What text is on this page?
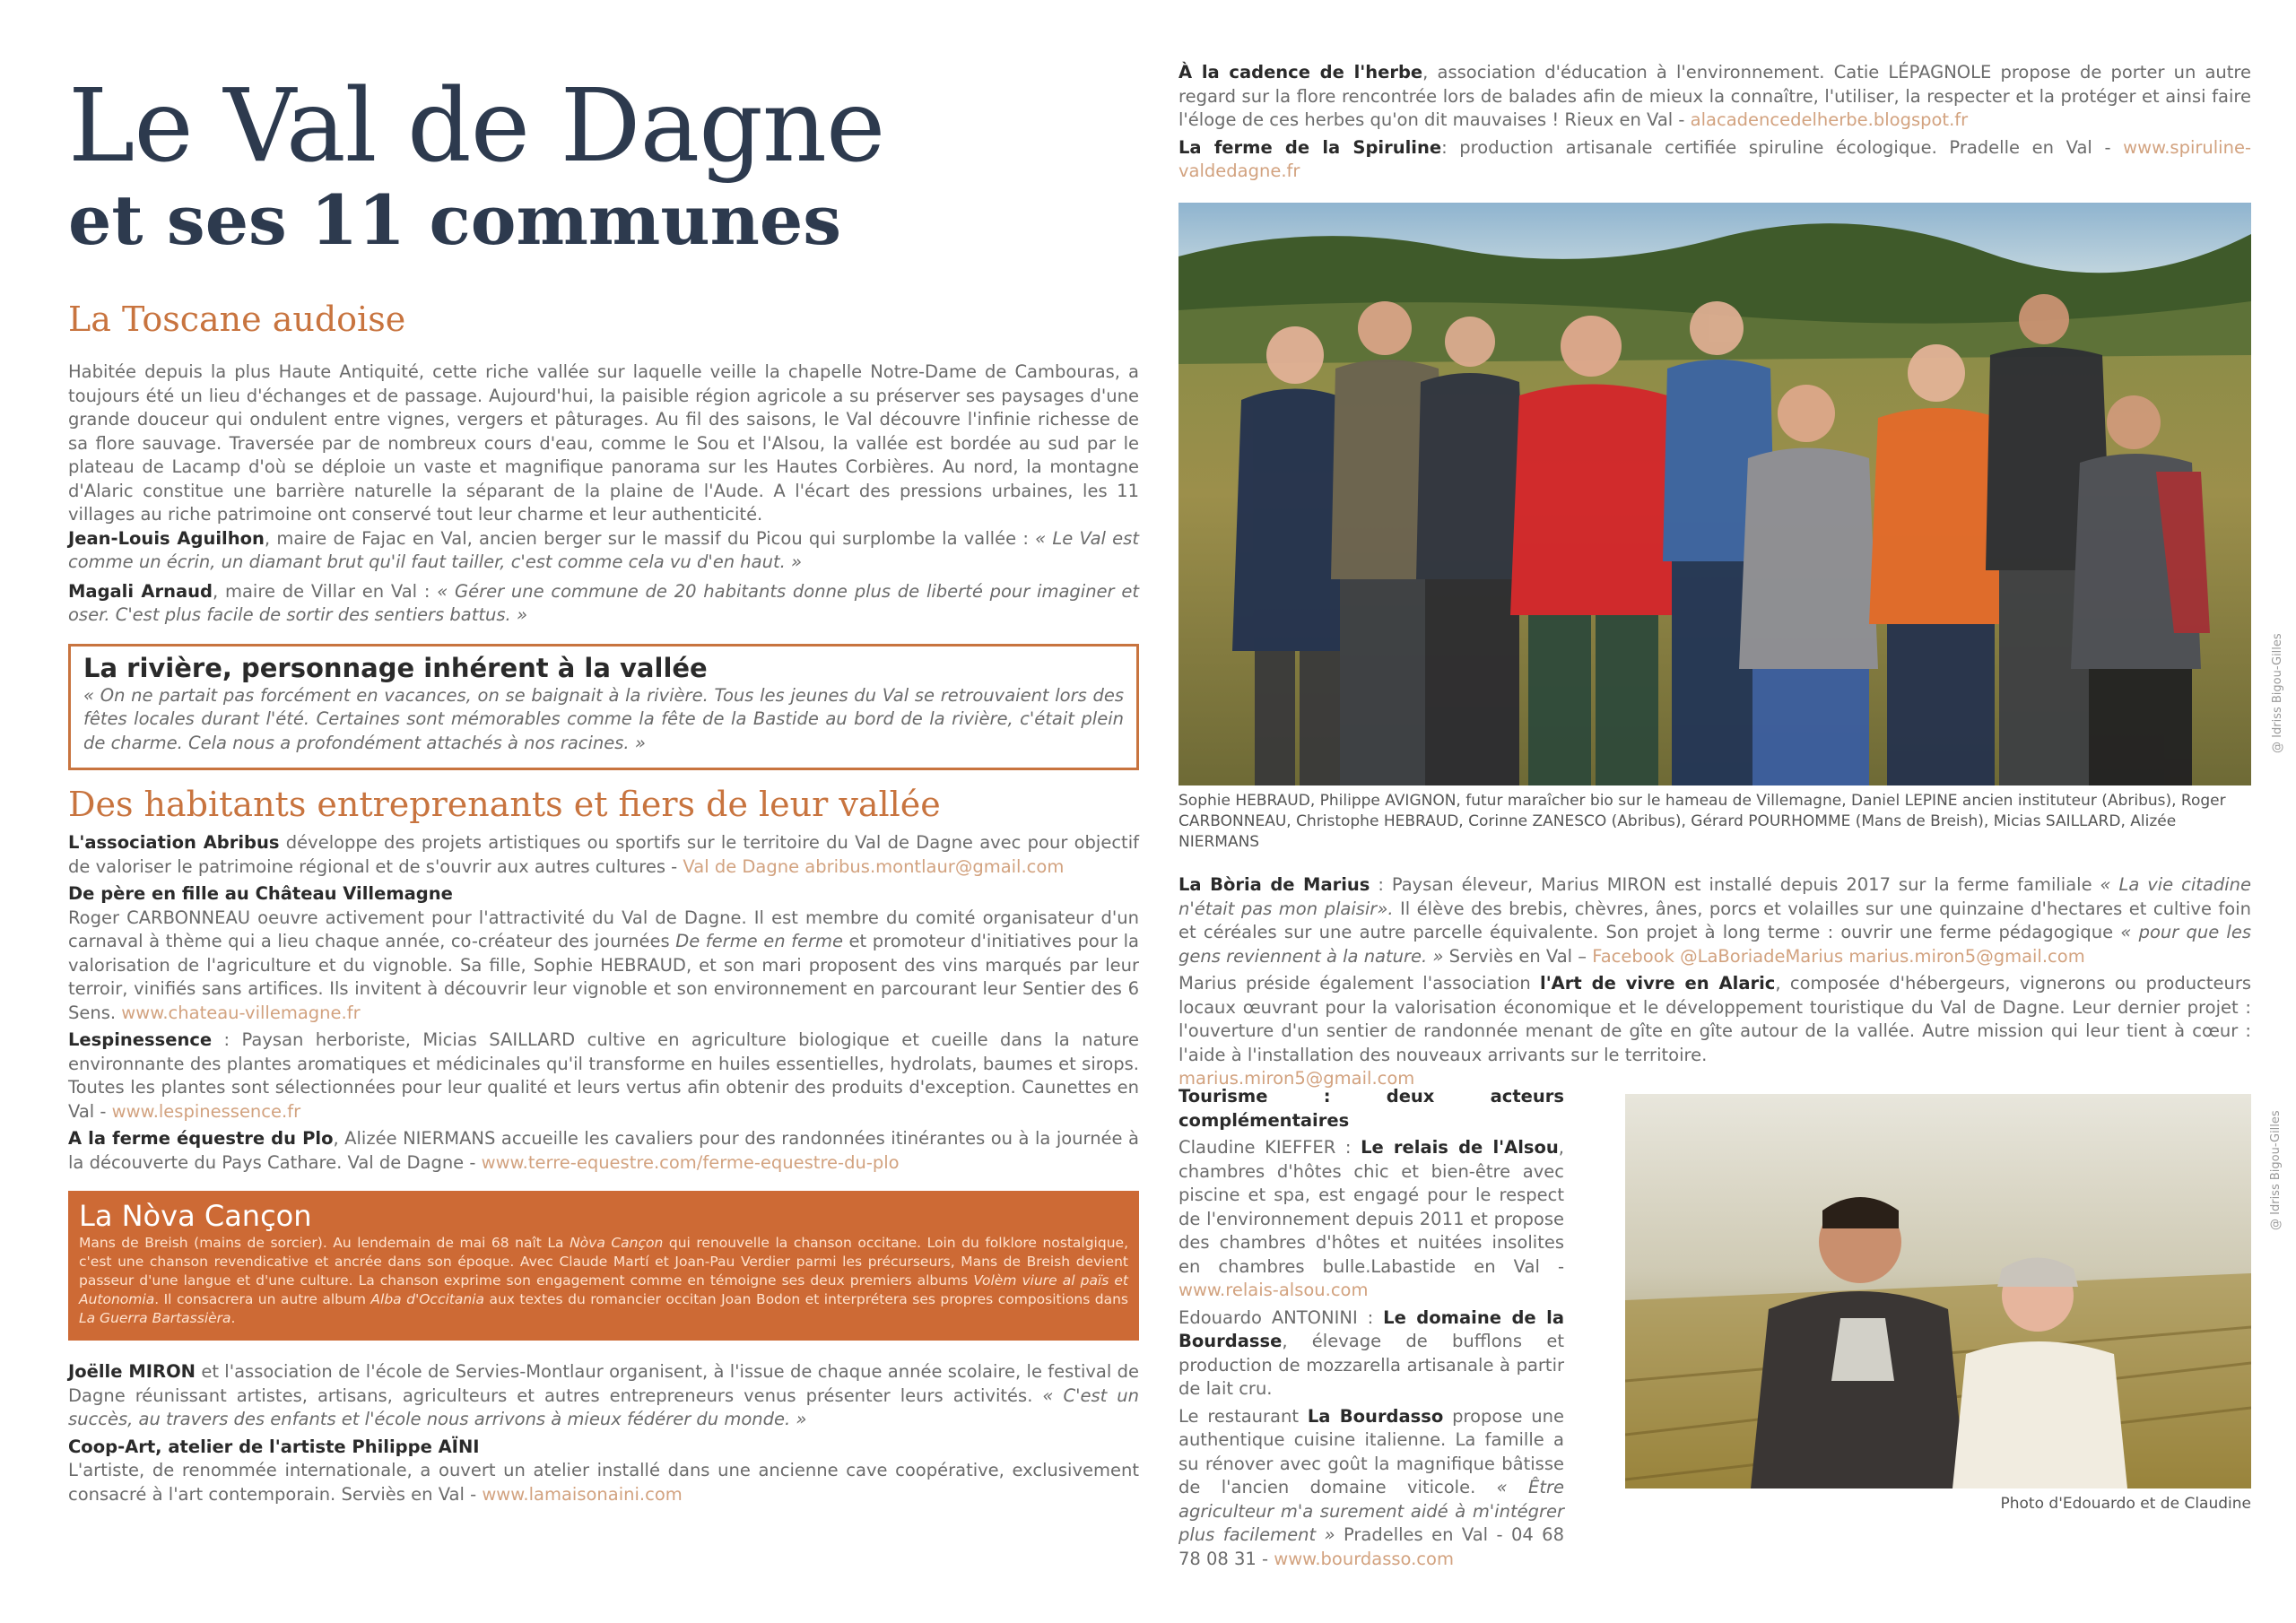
Le Val de Dagne
et ses 11 communes
La Toscane audoise

Habitée depuis la plus Haute Antiquité, cette riche vallée sur laquelle veille la chapelle Notre-Dame de Cambouras, a toujours été un lieu d'échanges et de passage. Aujourd'hui, la paisible région agricole a su préserver ses paysages d'une grande douceur qui ondulent entre vignes, vergers et pâturages. Au fil des saisons, le Val découvre l'infinie richesse de sa flore sauvage. Traversée par de nombreux cours d'eau, comme le Sou et l'Alsou, la vallée est bordée au sud par le plateau de Lacamp d'où se déploie un vaste et magnifique panorama sur les Hautes Corbières. Au nord, la montagne d'Alaric constitue une barrière naturelle la séparant de la plaine de l'Aude. A l'écart des pressions urbaines, les 11 villages au riche patrimoine ont conservé tout leur charme et leur authenticité.

Jean-Louis Aguilhon, maire de Fajac en Val, ancien berger sur le massif du Picou qui surplombe la vallée : « Le Val est comme un écrin, un diamant brut qu'il faut tailler, c'est comme cela vu d'en haut. »

Magali Arnaud, maire de Villar en Val : « Gérer une commune de 20 habitants donne plus de liberté pour imaginer et oser. C'est plus facile de sortir des sentiers battus. »

La rivière, personnage inhérent à la vallée

« On ne partait pas forcément en vacances, on se baignait à la rivière. Tous les jeunes du Val se retrouvaient lors des fêtes locales durant l'été. Certaines sont mémorables comme la fête de la Bastide au bord de la rivière, c'était plein de charme. Cela nous a profondément attachés à nos racines. »

Des habitants entreprenants et fiers de leur vallée

L'association Abribus développe des projets artistiques ou sportifs sur le territoire du Val de Dagne avec pour objectif de valoriser le patrimoine régional et de s'ouvrir aux autres cultures - Val de Dagne abribus.montlaur@gmail.com

De père en fille au Château Villemagne

Roger CARBONNEAU oeuvre activement pour l'attractivité du Val de Dagne. Il est membre du comité organisateur d'un carnaval à thème qui a lieu chaque année, co-créateur des journées De ferme en ferme et promoteur d'initiatives pour la valorisation de l'agriculture et du vignoble. Sa fille, Sophie HEBRAUD, et son mari proposent des vins marqués par leur terroir, vinifiés sans artifices. Ils invitent à découvrir leur vignoble et son environnement en parcourant leur Sentier des 6 Sens. www.chateau-villemagne.fr

Lespinessence : Paysan herboriste, Micias SAILLARD cultive en agriculture biologique et cueille dans la nature environnante des plantes aromatiques et médicinales qu'il transforme en huiles essentielles, hydrolats, baumes et sirops. Toutes les plantes sont sélectionnées pour leur qualité et leurs vertus afin obtenir des produits d'exception. Caunettes en Val - www.lespinessence.fr

A la ferme équestre du Plo, Alizée NIERMANS accueille les cavaliers pour des randonnées itinérantes ou à la journée à la découverte du Pays Cathare. Val de Dagne - www.terre-equestre.com/ferme-equestre-du-plo

La Nòva Cançon

Mans de Breish (mains de sorcier). Au lendemain de mai 68 naît La Nòva Cançon qui renouvelle la chanson occitane. Loin du folklore nostalgique, c'est une chanson revendicative et ancrée dans son époque. Avec Claude Martí et Joan-Pau Verdier parmi les précurseurs, Mans de Breish devient passeur d'une langue et d'une culture. La chanson exprime son engagement comme en témoigne ses deux premiers albums Volèm viure al païs et Autonomia. Il consacrera un autre album Alba d'Occitania aux textes du romancier occitan Joan Bodon et interprétera ses propres compositions dans La Guerra Bartassièra.

Joëlle MIRON et l'association de l'école de Servies-Montlaur organisent, à l'issue de chaque année scolaire, le festival de Dagne réunissant artistes, artisans, agriculteurs et autres entrepreneurs venus présenter leurs activités. « C'est un succès, au travers des enfants et l'école nous arrivons à mieux fédérer du monde. »

Coop-Art, atelier de l'artiste Philippe AÏNI

L'artiste, de renommée internationale, a ouvert un atelier installé dans une ancienne cave coopérative, exclusivement consacré à l'art contemporain. Serviès en Val - www.lamaisonaini.com

À la cadence de l'herbe, association d'éducation à l'environnement. Catie LÉPAGNOLE propose de porter un autre regard sur la flore rencontrée lors de balades afin de mieux la connaître, l'utiliser, la respecter et la protéger et ainsi faire l'éloge de ces herbes qu'on dit mauvaises ! Rieux en Val - alacadencedelherbe.blogspot.fr

La ferme de la Spiruline: production artisanale certifiée spiruline écologique. Pradelle en Val - www.spiruline-valdedagne.fr

@ Idriss Bigou-Gilles

Sophie HEBRAUD, Philippe AVIGNON, futur maraîcher bio sur le hameau de Villemagne, Daniel LEPINE ancien instituteur (Abribus), Roger CARBONNEAU, Christophe HEBRAUD, Corinne ZANESCO (Abribus), Gérard POURHOMME (Mans de Breish), Micias SAILLARD, Alizée NIERMANS

La Bòria de Marius : Paysan éleveur, Marius MIRON est installé depuis 2017 sur la ferme familiale « La vie citadine n'était pas mon plaisir». Il élève des brebis, chèvres, ânes, porcs et volailles sur une quinzaine d'hectares et cultive foin et céréales sur une autre parcelle équivalente. Son projet à long terme : ouvrir une ferme pédagogique « pour que les gens reviennent à la nature. » Serviès en Val – Facebook @LaBoriadeMarius marius.miron5@gmail.com

Marius préside également l'association l'Art de vivre en Alaric, composée d'hébergeurs, vignerons ou producteurs locaux œuvrant pour la valorisation économique et le développement touristique du Val de Dagne. Leur dernier projet : l'ouverture d'un sentier de randonnée menant de gîte en gîte autour de la vallée. Autre mission qui leur tient à cœur : l'aide à l'installation des nouveaux arrivants sur le territoire.

marius.miron5@gmail.com

Tourisme : deux acteurs complémentaires

Claudine KIEFFER : Le relais de l'Alsou, chambres d'hôtes chic et bien-être avec piscine et spa, est engagé pour le respect de l'environnement depuis 2011 et propose des chambres d'hôtes et nuitées insolites en chambres bulle.Labastide en Val - www.relais-alsou.com

Edouardo ANTONINI : Le domaine de la Bourdasse, élevage de bufflons et production de mozzarella artisanale à partir de lait cru.

Le restaurant La Bourdasso propose une authentique cuisine italienne. La famille a su rénover avec goût la magnifique bâtisse de l'ancien domaine viticole. « Être agriculteur m'a surement aidé à m'intégrer plus facilement » Pradelles en Val - 04 68 78 08 31 - www.bourdasso.com

@ Idriss Bigou-Gilles
Photo d'Edouardo et de Claudine
